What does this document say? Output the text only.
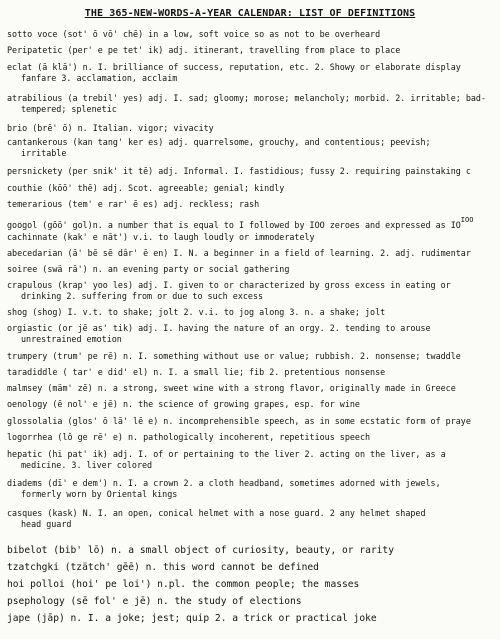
THE 365-NEW-WORDS-A-YEAR CALENDAR: LIST OF DEFINITIONS
sotto voce (sot' ō vō' chē) in a low, soft voice so as not to be overheard
Peripatetic (per' e pe tet' ik) adj. itinerant, travelling from place to place
eclat (ā klā') n. I. brilliance of success, reputation, etc. 2. Showy or elaborate display
fanfare 3. acclamation, acclaim
atrabilious (a trebil' yes) adj. I. sad; gloomy; morose; melancholy; morbid. 2. irritable; bad-
tempered; splenetic
brio (brē' ō) n. Italian. vigor; vivacity
cantankerous (kan tang' ker es) adj. quarrelsome, grouchy, and contentious; peevish;
irritable
persnickety (per snik' it tē) adj. Informal. I. fastidious; fussy 2. requiring painstaking c
couthie (kōō' thē) adj. Scot. agreeable; genial; kindly
temerarious (tem' e rar' ē es) adj. reckless; rash
googol (gōō' gol)n. a number that is equal to I followed by IOO zeroes and expressed as $IO^{IOO}$
cachinnate (kak' e nāt') v.i. to laugh loudly or immoderately
abecedarian (ā' bē sē dâr' ē en) I. N. a beginner in a field of learning. 2. adj. rudimentar
soiree (swä rā') n. an evening party or social gathering
crapulous (krap' yoo les) adj. I. given to or characterized by gross excess in eating or
drinking 2. suffering from or due to such excess
shog (shog) I. v.t. to shake; jolt 2. v.i. to jog along 3. n. a shake; jolt
orgiastic (or jē as' tik) adj. I. having the nature of an orgy. 2. tending to arouse
unrestrained emotion
trumpery (trum' pe rē) n. I. something without use or value; rubbish. 2. nonsense; twaddle
taradiddle ( tar' e did' el) n. I. a small lie; fib 2. pretentious nonsense
malmsey (mäm' zē) n. a strong, sweet wine with a strong flavor, originally made in Greece
oenology (ē nol' e jē) n. the science of growing grapes, esp. for wine
glossolalia (glos' ō lā' lē e) n. incomprehensible speech, as in some ecstatic form of praye
logorrhea (lô ge rē' e) n. pathologically incoherent, repetitious speech
hepatic (hi pat' ik) adj. I. of or pertaining to the liver 2. acting on the liver, as a
medicine. 3. liver colored
diadems (dī' e dem') n. I. a crown 2. a cloth headband, sometimes adorned with jewels,
formerly worn by Oriental kings
casques (kask) N. I. an open, conical helmet with a nose guard. 2 any helmet shaped
head guard
bibelot (bib' lō) n. a small object of curiosity, beauty, or rarity
tzatchgki (tzätch' gēē) n. this word cannot be defined
hoi polloi (hoi' pe loi') n.pl. the common people; the masses
psephology (sē fol' e jē) n. the study of elections
jape (jāp) n. I. a joke; jest; quip 2. a trick or practical joke
